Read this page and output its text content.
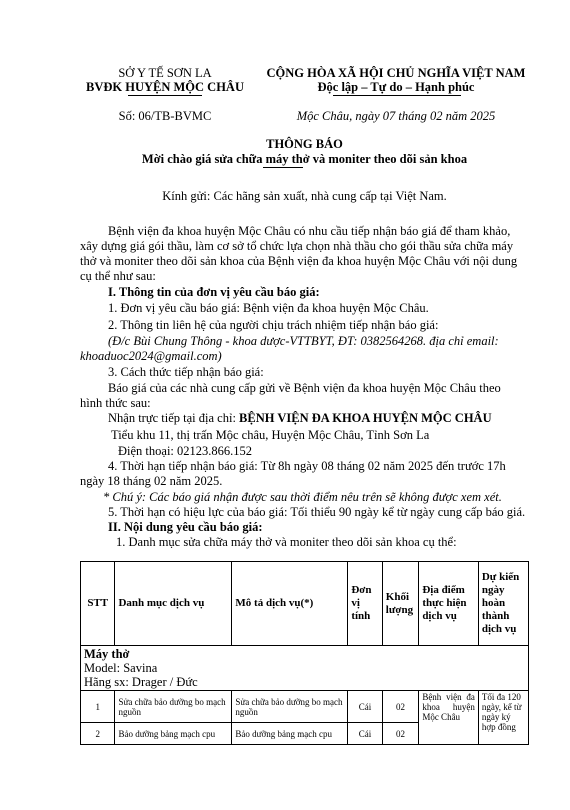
SỞ Y TẾ SƠN LA
BVĐK HUYỆN MỘC CHÂU
Số: 06/TB-BVMC
CỘNG HÒA XÃ HỘI CHỦ NGHĨA VIỆT NAM
Độc lập – Tự do – Hạnh phúc
Mộc Châu, ngày 07 tháng 02 năm 2025
THÔNG BÁO
Mời chào giá sửa chữa máy thở và moniter theo dõi sản khoa
Kính gửi: Các hãng sản xuất, nhà cung cấp tại Việt Nam.
Bệnh viện đa khoa huyện Mộc Châu có nhu cầu tiếp nhận báo giá để tham khảo,
xây dựng giá gói thầu, làm cơ sở tổ chức lựa chọn nhà thầu cho gói thầu sửa chữa máy
thở và moniter theo dõi sản khoa của Bệnh viện đa khoa huyện Mộc Châu với nội dung
cụ thể như sau:
I. Thông tin của đơn vị yêu cầu báo giá:
1. Đơn vị yêu cầu báo giá: Bệnh viện đa khoa huyện Mộc Châu.
2. Thông tin liên hệ của người chịu trách nhiệm tiếp nhận báo giá:
(Đ/c Bùi Chung Thông - khoa dược-VTTBYT, ĐT: 0382564268. địa chỉ email:
khoaduoc2024@gmail.com)
3. Cách thức tiếp nhận báo giá:
Báo giá của các nhà cung cấp gửi về Bệnh viện đa khoa huyện Mộc Châu theo
hình thức sau:
Nhận trực tiếp tại địa chỉ: BỆNH VIỆN ĐA KHOA HUYỆN MỘC CHÂU
Tiểu khu 11, thị trấn Mộc châu, Huyện Mộc Châu, Tỉnh Sơn La
Điện thoại: 02123.866.152
4. Thời hạn tiếp nhận báo giá: Từ 8h ngày 08 tháng 02 năm 2025 đến trước 17h
ngày 18 tháng 02 năm 2025.
* Chú ý: Các báo giá nhận được sau thời điểm nêu trên sẽ không được xem xét.
5. Thời hạn có hiệu lực của báo giá: Tối thiểu 90 ngày kể từ ngày cung cấp báo giá.
II. Nội dung yêu cầu báo giá:
1. Danh mục sửa chữa máy thở và moniter theo dõi sản khoa cụ thể:
STT	Danh mục dịch vụ	Mô tả dịch vụ(*)	Đơn vị tính	Khối lượng	Địa điểm thực hiện dịch vụ	Dự kiến ngày hoàn thành dịch vụ

Máy thở
Model: Savina
Hãng sx: Drager / Đức						

1	Sửa chữa bảo dưỡng bo mạch nguồn	Sửa chữa bảo dưỡng bo mạch nguồn	Cái	02	Bệnh viện đa khoa huyện Mộc Châu	Tối đa 120 ngày, kể từ ngày ký hợp đồng
2	Bảo dưỡng bảng mạch cpu	Bảo dưỡng bảng mạch cpu	Cái	02		
